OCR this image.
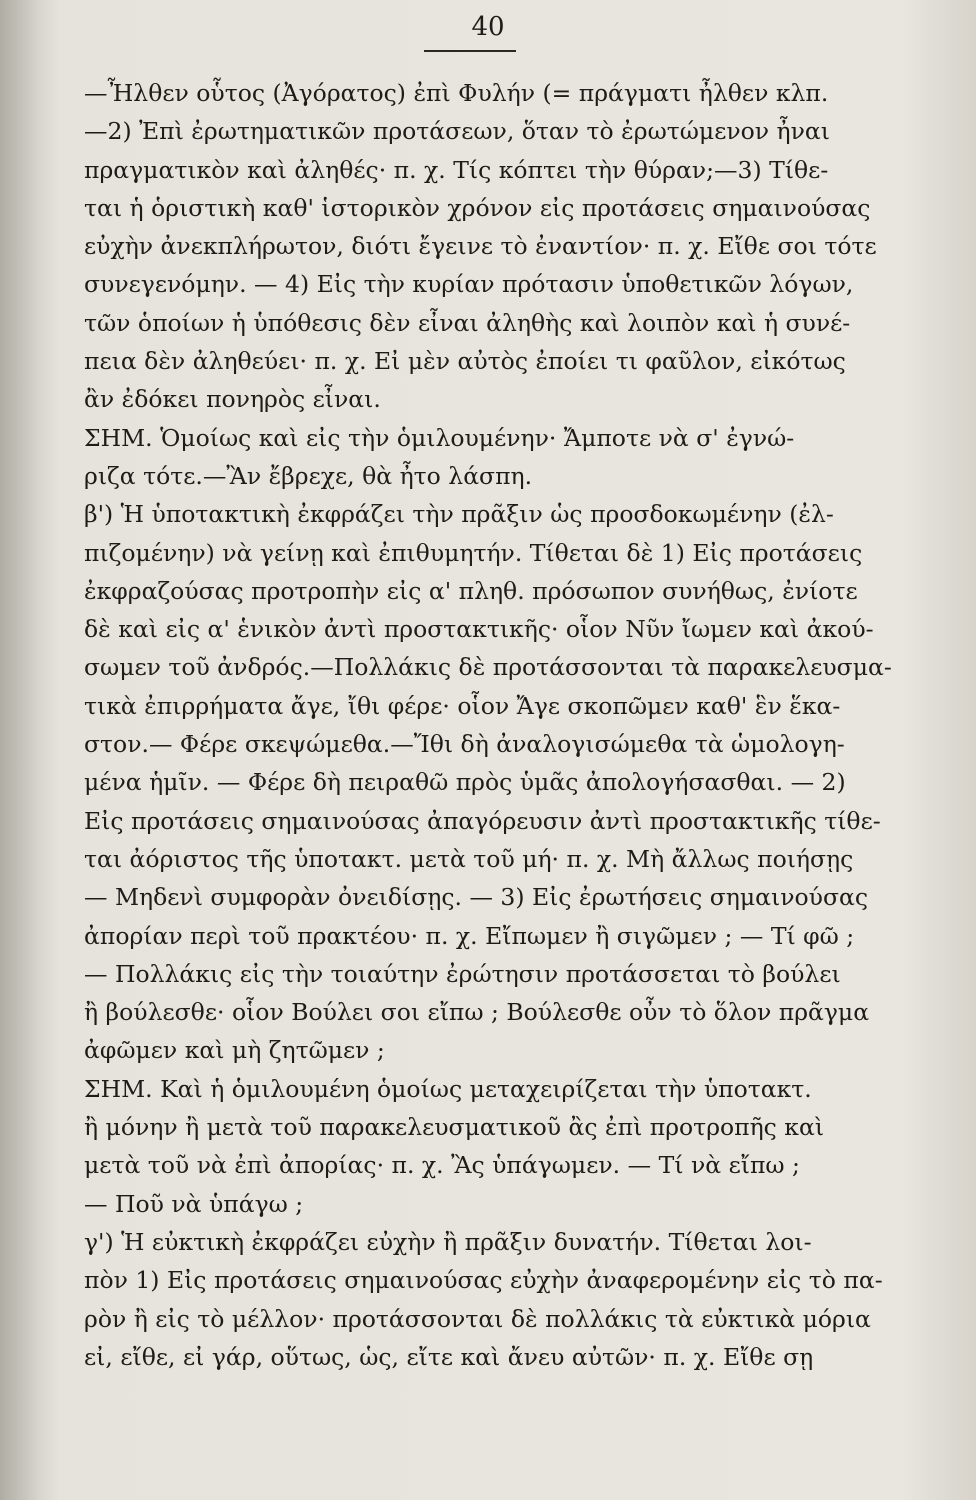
40
—Ἦλθεν οὗτος (Ἀγόρατος) ἐπὶ Φυλήν (= πράγματι ἦλθεν κλπ.
—2) Ἐπὶ ἐρωτηματικῶν προτάσεων, ὅταν τὸ ἐρωτώμενον ἦναι
πραγματικὸν καὶ ἀληθές· π. χ. Τίς κόπτει τὴν θύραν;—3) Τίθε-
ται ἡ ὁριστικὴ καθ' ἱστορικὸν χρόνον εἰς προτάσεις σημαινούσας
εὐχὴν ἀνεκπλήρωτον, διότι ἔγεινε τὸ ἐναντίον· π. χ. Εἴθε σοι τότε
συνεγενόμην. — 4) Εἰς τὴν κυρίαν πρότασιν ὑποθετικῶν λόγων,
τῶν ὁποίων ἡ ὑπόθεσις δὲν εἶναι ἀληθὴς καὶ λοιπὸν καὶ ἡ συνέ-
πεια δὲν ἀληθεύει· π. χ. Εἰ μὲν αὐτὸς ἐποίει τι φαῦλον, εἰκότως
ἂν ἐδόκει πονηρὸς εἶναι.
ΣΗΜ. Ὁμοίως καὶ εἰς τὴν ὁμιλουμένην· Ἄμποτε νὰ σ' ἐγνώ-
ριζα τότε.—Ἂν ἔβρεχε, θὰ ἦτο λάσπη.
β') Ἡ ὑποτακτικὴ ἐκφράζει τὴν πρᾶξιν ὡς προσδοκωμένην (ἐλ-
πιζομένην) νὰ γείνῃ καὶ ἐπιθυμητήν. Τίθεται δὲ 1) Εἰς προτάσεις
ἐκφραζούσας προτροπὴν εἰς α' πληθ. πρόσωπον συνήθως, ἐνίοτε
δὲ καὶ εἰς α' ἑνικὸν ἀντὶ προστακτικῆς· οἷον Νῦν ἴωμεν καὶ ἀκού-
σωμεν τοῦ ἀνδρός.—Πολλάκις δὲ προτάσσονται τὰ παρακελευσμα-
τικὰ ἐπιρρήματα ἄγε, ἴθι φέρε· οἷον Ἄγε σκοπῶμεν καθ' ἓν ἕκα-
στον.— Φέρε σκεψώμεθα.—Ἴθι δὴ ἀναλογισώμεθα τὰ ὡμολογη-
μένα ἡμῖν. — Φέρε δὴ πειραθῶ πρὸς ὑμᾶς ἀπολογήσασθαι. — 2)
Εἰς προτάσεις σημαινούσας ἀπαγόρευσιν ἀντὶ προστακτικῆς τίθε-
ται ἀόριστος τῆς ὑποτακτ. μετὰ τοῦ μή· π. χ. Μὴ ἄλλως ποιήσῃς
— Μηδενὶ συμφορὰν ὀνειδίσῃς. — 3) Εἰς ἐρωτήσεις σημαινούσας
ἀπορίαν περὶ τοῦ πρακτέου· π. χ. Εἴπωμεν ἢ σιγῶμεν ; — Τί φῶ ;
— Πολλάκις εἰς τὴν τοιαύτην ἐρώτησιν προτάσσεται τὸ βούλει
ἢ βούλεσθε· οἷον Βούλει σοι εἴπω ; Βούλεσθε οὖν τὸ ὅλον πρᾶγμα
ἀφῶμεν καὶ μὴ ζητῶμεν ;
ΣΗΜ. Καὶ ἡ ὁμιλουμένη ὁμοίως μεταχειρίζεται τὴν ὑποτακτ.
ἢ μόνην ἢ μετὰ τοῦ παρακελευσματικοῦ ἂς ἐπὶ προτροπῆς καὶ
μετὰ τοῦ νὰ ἐπὶ ἀπορίας· π. χ. Ἂς ὑπάγωμεν. — Τί νὰ εἴπω ;
— Ποῦ νὰ ὑπάγω ;
γ') Ἡ εὐκτικὴ ἐκφράζει εὐχὴν ἢ πρᾶξιν δυνατήν. Τίθεται λοι-
πὸν 1) Εἰς προτάσεις σημαινούσας εὐχὴν ἀναφερομένην εἰς τὸ πα-
ρὸν ἢ εἰς τὸ μέλλον· προτάσσονται δὲ πολλάκις τὰ εὐκτικὰ μόρια
εἰ, εἴθε, εἰ γάρ, οὕτως, ὡς, εἴτε καὶ ἄνευ αὐτῶν· π. χ. Εἴθε σῃ
